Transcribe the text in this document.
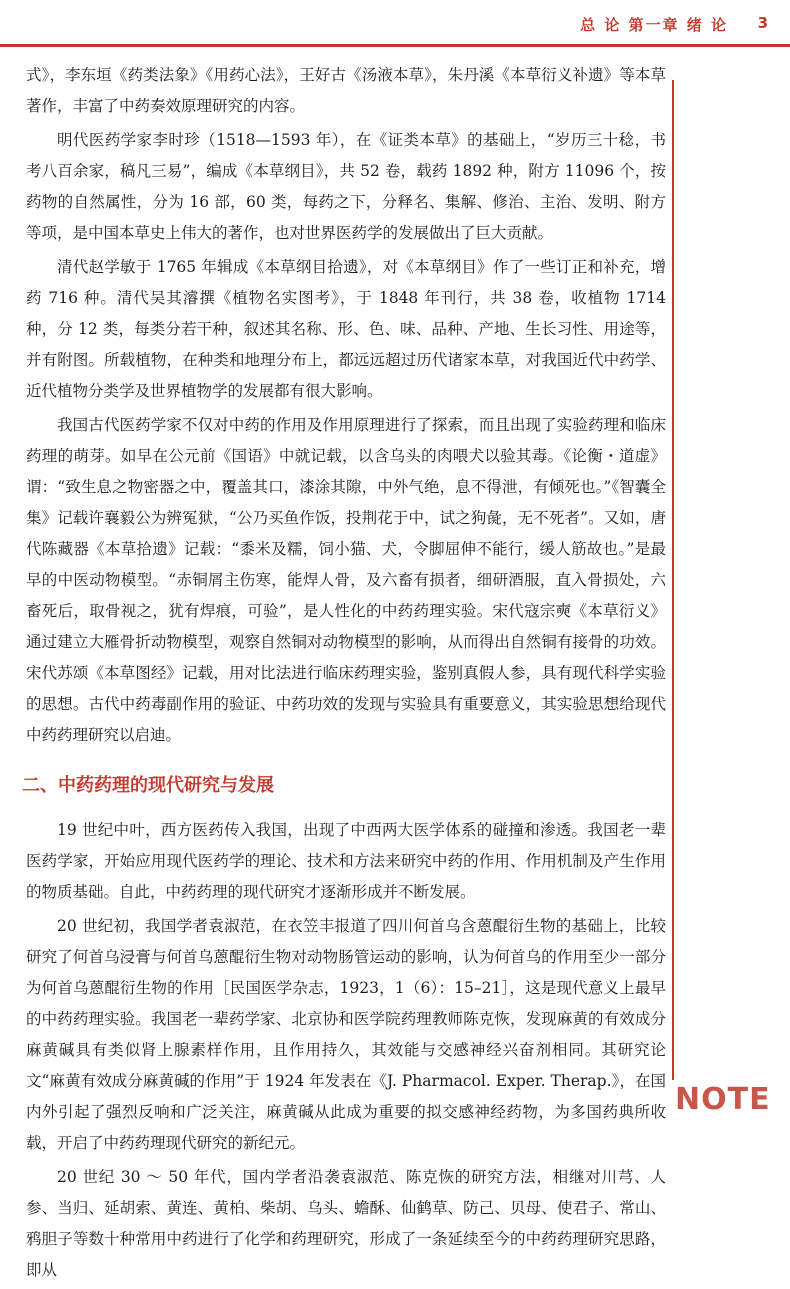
总 论 第一章 绪 论 3

式》，李东垣《药类法象》《用药心法》，王好古《汤液本草》，朱丹溪《本草衍义补遗》等本草著作，丰富了中药奏效原理研究的内容。

明代医药学家李时珍（1518—1593 年），在《证类本草》的基础上，“岁历三十稔，书考八百余家，稿凡三易”，编成《本草纲目》，共 52 卷，载药 1892 种，附方 11096 个，按药物的自然属性，分为 16 部，60 类，每药之下，分释名、集解、修治、主治、发明、附方等项，是中国本草史上伟大的著作，也对世界医药学的发展做出了巨大贡献。

清代赵学敏于 1765 年辑成《本草纲目拾遗》，对《本草纲目》作了一些订正和补充，增药 716 种。清代吴其濬撰《植物名实图考》，于 1848 年刊行，共 38 卷，收植物 1714 种，分 12 类，每类分若干种，叙述其名称、形、色、味、品种、产地、生长习性、用途等，并有附图。所载植物，在种类和地理分布上，都远远超过历代诸家本草，对我国近代中药学、近代植物分类学及世界植物学的发展都有很大影响。

我国古代医药学家不仅对中药的作用及作用原理进行了探索，而且出现了实验药理和临床药理的萌芽。如早在公元前《国语》中就记载，以含乌头的肉喂犬以验其毒。《论衡・道虚》谓：“致生息之物密器之中，覆盖其口，漆涂其隙，中外气绝，息不得泄，有倾死也。”《智囊全集》记载许襄毅公为辨冤狱，“公乃买鱼作饭，投荆花于中，试之狗彘，无不死者”。又如，唐代陈藏器《本草拾遗》记载：“黍米及糯，饲小猫、犬，令脚屈伸不能行，缓人筋故也。”是最早的中医动物模型。“赤铜屑主伤寒，能焊人骨，及六畜有损者，细研酒服，直入骨损处，六畜死后，取骨视之，犹有焊痕，可验”，是人性化的中药药理实验。宋代寇宗奭《本草衍义》通过建立大雁骨折动物模型，观察自然铜对动物模型的影响，从而得出自然铜有接骨的功效。宋代苏颂《本草图经》记载，用对比法进行临床药理实验，鉴别真假人参，具有现代科学实验的思想。古代中药毒副作用的验证、中药功效的发现与实验具有重要意义，其实验思想给现代中药药理研究以启迪。

二、中药药理的现代研究与发展

19 世纪中叶，西方医药传入我国，出现了中西两大医学体系的碰撞和渗透。我国老一辈医药学家，开始应用现代医药学的理论、技术和方法来研究中药的作用、作用机制及产生作用的物质基础。自此，中药药理的现代研究才逐渐形成并不断发展。

20 世纪初，我国学者袁淑范，在衣笠丰报道了四川何首乌含蒽醌衍生物的基础上，比较研究了何首乌浸膏与何首乌蒽醌衍生物对动物肠管运动的影响，认为何首乌的作用至少一部分为何首乌蒽醌衍生物的作用［民国医学杂志，1923，1（6）：15–21］，这是现代意义上最早的中药药理实验。我国老一辈药学家、北京协和医学院药理教师陈克恢，发现麻黄的有效成分麻黄碱具有类似肾上腺素样作用，且作用持久，其效能与交感神经兴奋剂相同。其研究论文“麻黄有效成分麻黄碱的作用”于 1924 年发表在《J. Pharmacol. Exper. Therap.》，在国内外引起了强烈反响和广泛关注，麻黄碱从此成为重要的拟交感神经药物，为多国药典所收载，开启了中药药理现代研究的新纪元。

20 世纪 30 ～ 50 年代，国内学者沿袭袁淑范、陈克恢的研究方法，相继对川芎、人参、当归、延胡索、黄连、黄柏、柴胡、乌头、蟾酥、仙鹤草、防己、贝母、使君子、常山、鸦胆子等数十种常用中药进行了化学和药理研究，形成了一条延续至今的中药药理研究思路，即从

NOTE
